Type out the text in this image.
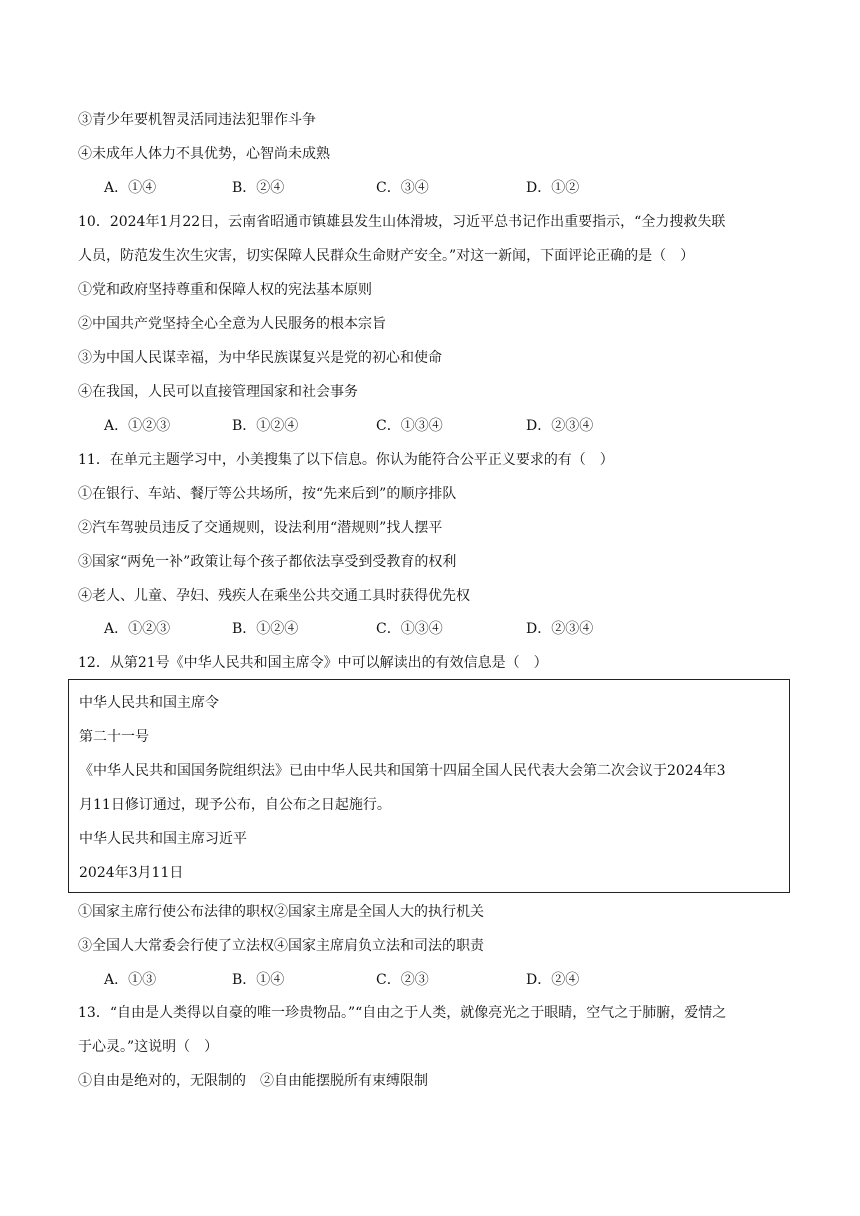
③青少年要机智灵活同违法犯罪作斗争
④未成年人体力不具优势，心智尚未成熟
A．①④	B．②④	C．③④	D．①②
10．2024年1月22日，云南省昭通市镇雄县发生山体滑坡，习近平总书记作出重要指示，“全力搜救失联
人员，防范发生次生灾害，切实保障人民群众生命财产安全。”对这一新闻，下面评论正确的是（　）
①党和政府坚持尊重和保障人权的宪法基本原则
②中国共产党坚持全心全意为人民服务的根本宗旨
③为中国人民谋幸福，为中华民族谋复兴是党的初心和使命
④在我国，人民可以直接管理国家和社会事务
A．①②③	B．①②④	C．①③④	D．②③④
11．在单元主题学习中，小美搜集了以下信息。你认为能符合公平正义要求的有（　）
①在银行、车站、餐厅等公共场所，按“先来后到”的顺序排队
②汽车驾驶员违反了交通规则，设法利用“潜规则”找人摆平
③国家“两免一补”政策让每个孩子都依法享受到受教育的权利
④老人、儿童、孕妇、残疾人在乘坐公共交通工具时获得优先权
A．①②③	B．①②④	C．①③④	D．②③④
12．从第21号《中华人民共和国主席令》中可以解读出的有效信息是（　）
中华人民共和国主席令
第二十一号
《中华人民共和国国务院组织法》已由中华人民共和国第十四届全国人民代表大会第二次会议于2024年3
月11日修订通过，现予公布，自公布之日起施行。
中华人民共和国主席习近平
2024年3月11日
①国家主席行使公布法律的职权②国家主席是全国人大的执行机关
③全国人大常委会行使了立法权④国家主席肩负立法和司法的职责
A．①③	B．①④	C．②③	D．②④
13．“自由是人类得以自豪的唯一珍贵物品。”“自由之于人类，就像亮光之于眼睛，空气之于肺腑，爱情之
于心灵。”这说明（　）
①自由是绝对的，无限制的　②自由能摆脱所有束缚限制
